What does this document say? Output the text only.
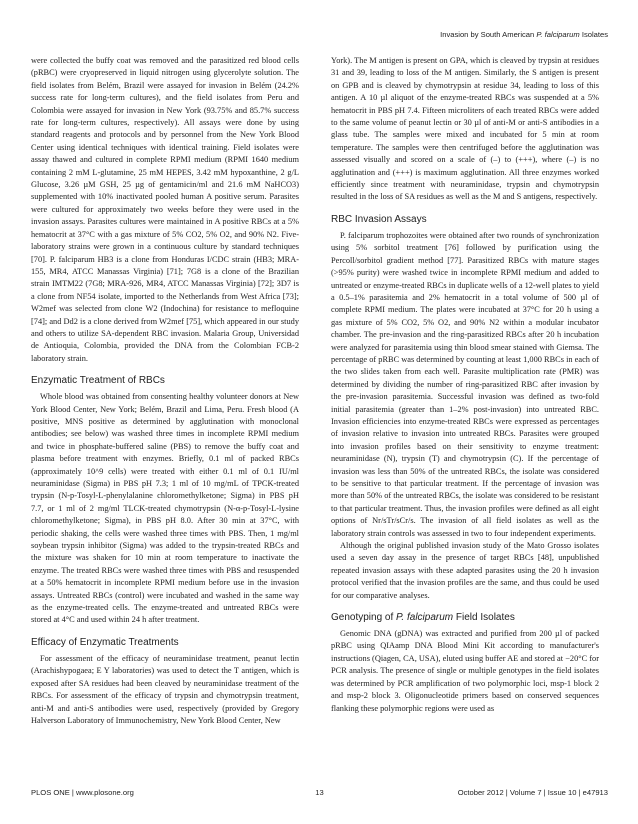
Invasion by South American P. falciparum Isolates

were collected the buffy coat was removed and the parasitized red blood cells (pRBC) were cryopreserved in liquid nitrogen using glycerolyte solution. The field isolates from Belém, Brazil were assayed for invasion in Belém (24.2% success rate for long-term cultures), and the field isolates from Peru and Colombia were assayed for invasion in New York (93.75% and 85.7% success rate for long-term cultures, respectively). All assays were done by using standard reagents and protocols and by personnel from the New York Blood Center using identical techniques with identical training. Field isolates were assay thawed and cultured in complete RPMI medium (RPMI 1640 medium containing 2 mM L-glutamine, 25 mM HEPES, 3.42 mM hypoxanthine, 2 g/L Glucose, 3.26 µM GSH, 25 µg of gentamicin/ml and 21.6 mM NaHCO3) supplemented with 10% inactivated pooled human A positive serum. Parasites were cultured for approximately two weeks before they were used in the invasion assays. Parasites cultures were maintained in A positive RBCs at a 5% hematocrit at 37°C with a gas mixture of 5% CO2, 5% O2, and 90% N2. Five-laboratory strains were grown in a continuous culture by standard techniques [70]. P. falciparum HB3 is a clone from Honduras I/CDC strain (HB3; MRA-155, MR4, ATCC Manassas Virginia) [71]; 7G8 is a clone of the Brazilian strain IMTM22 (7G8; MRA-926, MR4, ATCC Manassas Virginia) [72]; 3D7 is a clone from NF54 isolate, imported to the Netherlands from West Africa [73]; W2mef was selected from clone W2 (Indochina) for resistance to mefloquine [74]; and Dd2 is a clone derived from W2mef [75], which appeared in our study and others to utilize SA-dependent RBC invasion. Malaria Group, Universidad de Antioquia, Colombia, provided the DNA from the Colombian FCB-2 laboratory strain.

Enzymatic Treatment of RBCs

Whole blood was obtained from consenting healthy volunteer donors at New York Blood Center, New York; Belém, Brazil and Lima, Peru. Fresh blood (A positive, MNS positive as determined by agglutination with monoclonal antibodies; see below) was washed three times in incomplete RPMI medium and twice in phosphate-buffered saline (PBS) to remove the buffy coat and plasma before treatment with enzymes. Briefly, 0.1 ml of packed RBCs (approximately 10^9 cells) were treated with either 0.1 ml of 0.1 IU/ml neuraminidase (Sigma) in PBS pH 7.3; 1 ml of 10 mg/mL of TPCK-treated trypsin (N-p-Tosyl-L-phenylalanine chloromethylketone; Sigma) in PBS pH 7.7, or 1 ml of 2 mg/ml TLCK-treated chymotrypsin (N-α-p-Tosyl-L-lysine chloromethylketone; Sigma), in PBS pH 8.0. After 30 min at 37°C, with periodic shaking, the cells were washed three times with PBS. Then, 1 mg/ml soybean trypsin inhibitor (Sigma) was added to the trypsin-treated RBCs and the mixture was shaken for 10 min at room temperature to inactivate the enzyme. The treated RBCs were washed three times with PBS and resuspended at a 50% hematocrit in incomplete RPMI medium before use in the invasion assays. Untreated RBCs (control) were incubated and washed in the same way as the enzyme-treated cells. The enzyme-treated and untreated RBCs were stored at 4°C and used within 24 h after treatment.

Efficacy of Enzymatic Treatments

For assessment of the efficacy of neuraminidase treatment, peanut lectin (Arachishypogaea; E Y laboratories) was used to detect the T antigen, which is exposed after SA residues had been cleaved by neuraminidase treatment of the RBCs. For assessment of the efficacy of trypsin and chymotrypsin treatment, anti-M and anti-S antibodies were used, respectively (provided by Gregory Halverson Laboratory of Immunochemistry, New York Blood Center, New

York). The M antigen is present on GPA, which is cleaved by trypsin at residues 31 and 39, leading to loss of the M antigen. Similarly, the S antigen is present on GPB and is cleaved by chymotrypsin at residue 34, leading to loss of this antigen. A 10 µl aliquot of the enzyme-treated RBCs was suspended at a 5% hematocrit in PBS pH 7.4. Fifteen microliters of each treated RBCs were added to the same volume of peanut lectin or 30 µl of anti-M or anti-S antibodies in a glass tube. The samples were mixed and incubated for 5 min at room temperature. The samples were then centrifuged before the agglutination was assessed visually and scored on a scale of (–) to (+++), where (–) is no agglutination and (+++) is maximum agglutination. All three enzymes worked efficiently since treatment with neuraminidase, trypsin and chymotrypsin resulted in the loss of SA residues as well as the M and S antigens, respectively.

RBC Invasion Assays

P. falciparum trophozoites were obtained after two rounds of synchronization using 5% sorbitol treatment [76] followed by purification using the Percoll/sorbitol gradient method [77]. Parasitized RBCs with mature stages (>95% purity) were washed twice in incomplete RPMI medium and added to untreated or enzyme-treated RBCs in duplicate wells of a 12-well plates to yield a 0.5–1% parasitemia and 2% hematocrit in a total volume of 500 µl of complete RPMI medium. The plates were incubated at 37°C for 20 h using a gas mixture of 5% CO2, 5% O2, and 90% N2 within a modular incubator chamber. The pre-invasion and the ring-parasitized RBCs after 20 h incubation were analyzed for parasitemia using thin blood smear stained with Giemsa. The percentage of pRBC was determined by counting at least 1,000 RBCs in each of the two slides taken from each well. Parasite multiplication rate (PMR) was determined by dividing the number of ring-parasitized RBC after invasion by the pre-invasion parasitemia. Successful invasion was defined as two-fold initial parasitemia (greater than 1–2% post-invasion) into untreated RBC. Invasion efficiencies into enzyme-treated RBCs were expressed as percentages of invasion relative to invasion into untreated RBCs. Parasites were grouped into invasion profiles based on their sensitivity to enzyme treatment: neuraminidase (N), trypsin (T) and chymotrypsin (C). If the percentage of invasion was less than 50% of the untreated RBCs, the isolate was considered to be sensitive to that particular treatment. If the percentage of invasion was more than 50% of the untreated RBCs, the isolate was considered to be resistant to that particular treatment. Thus, the invasion profiles were defined as all eight options of Nr/sTr/sCr/s. The invasion of all field isolates as well as the laboratory strain controls was assessed in two to four independent experiments.

Although the original published invasion study of the Mato Grosso isolates used a seven day assay in the presence of target RBCs [48], unpublished repeated invasion assays with these adapted parasites using the 20 h invasion protocol verified that the invasion profiles are the same, and thus could be used for our comparative analyses.

Genotyping of P. falciparum Field Isolates

Genomic DNA (gDNA) was extracted and purified from 200 µl of packed pRBC using QIAamp DNA Blood Mini Kit according to manufacturer's instructions (Qiagen, CA, USA), eluted using buffer AE and stored at −20°C for PCR analysis. The presence of single or multiple genotypes in the field isolates was determined by PCR amplification of two polymorphic loci, msp-1 block 2 and msp-2 block 3. Oligonucleotide primers based on conserved sequences flanking these polymorphic regions were used as

PLOS ONE | www.plosone.org	13	October 2012 | Volume 7 | Issue 10 | e47913
